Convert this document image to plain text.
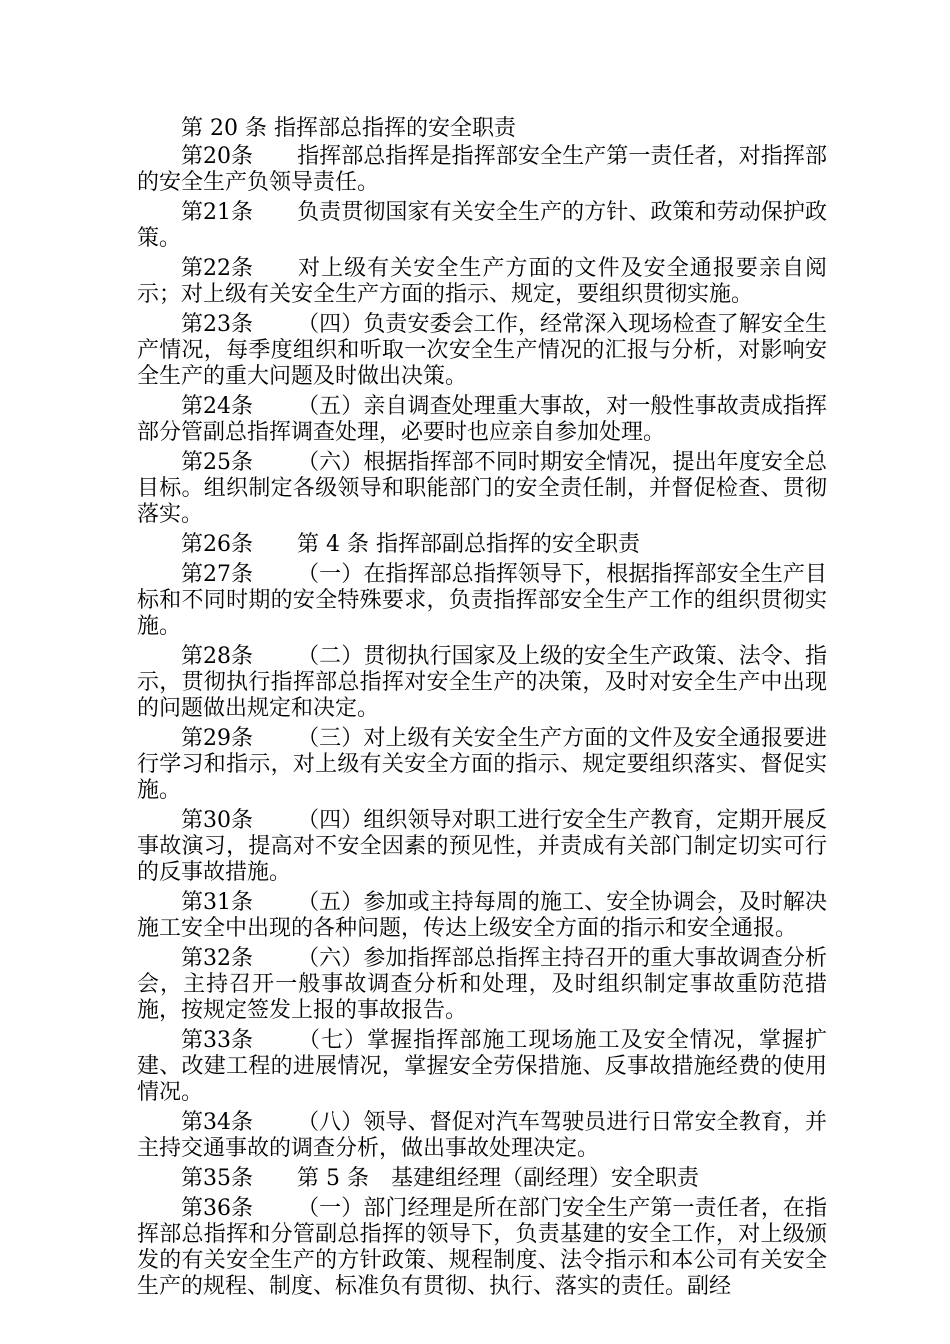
第 20 条 指挥部总指挥的安全职责

第20条 指挥部总指挥是指挥部安全生产第一责任者，对指挥部的安全生产负领导责任。

第21条 负责贯彻国家有关安全生产的方针、政策和劳动保护政策。

第22条 对上级有关安全生产方面的文件及安全通报要亲自阅示；对上级有关安全生产方面的指示、规定，要组织贯彻实施。

第23条 （四）负责安委会工作，经常深入现场检查了解安全生产情况，每季度组织和听取一次安全生产情况的汇报与分析，对影响安全生产的重大问题及时做出决策。

第24条 （五）亲自调查处理重大事故，对一般性事故责成指挥部分管副总指挥调查处理，必要时也应亲自参加处理。

第25条 （六）根据指挥部不同时期安全情况，提出年度安全总目标。组织制定各级领导和职能部门的安全责任制，并督促检查、贯彻落实。

第26条 第 4 条 指挥部副总指挥的安全职责

第27条 （一）在指挥部总指挥领导下，根据指挥部安全生产目标和不同时期的安全特殊要求，负责指挥部安全生产工作的组织贯彻实施。

第28条 （二）贯彻执行国家及上级的安全生产政策、法令、指示，贯彻执行指挥部总指挥对安全生产的决策，及时对安全生产中出现的问题做出规定和决定。

第29条 （三）对上级有关安全生产方面的文件及安全通报要进行学习和指示，对上级有关安全方面的指示、规定要组织落实、督促实施。

第30条 （四）组织领导对职工进行安全生产教育，定期开展反事故演习，提高对不安全因素的预见性，并责成有关部门制定切实可行的反事故措施。

第31条 （五）参加或主持每周的施工、安全协调会，及时解决施工安全中出现的各种问题，传达上级安全方面的指示和安全通报。

第32条 （六）参加指挥部总指挥主持召开的重大事故调查分析会，主持召开一般事故调查分析和处理，及时组织制定事故重防范措施，按规定签发上报的事故报告。

第33条 （七）掌握指挥部施工现场施工及安全情况，掌握扩建、改建工程的进展情况，掌握安全劳保措施、反事故措施经费的使用情况。

第34条 （八）领导、督促对汽车驾驶员进行日常安全教育，并主持交通事故的调查分析，做出事故处理决定。

第35条 第 5 条　基建组经理（副经理）安全职责

第36条 （一）部门经理是所在部门安全生产第一责任者，在指挥部总指挥和分管副总指挥的领导下，负责基建的安全工作，对上级颁发的有关安全生产的方针政策、规程制度、法令指示和本公司有关安全生产的规程、制度、标准负有贯彻、执行、落实的责任。副经
